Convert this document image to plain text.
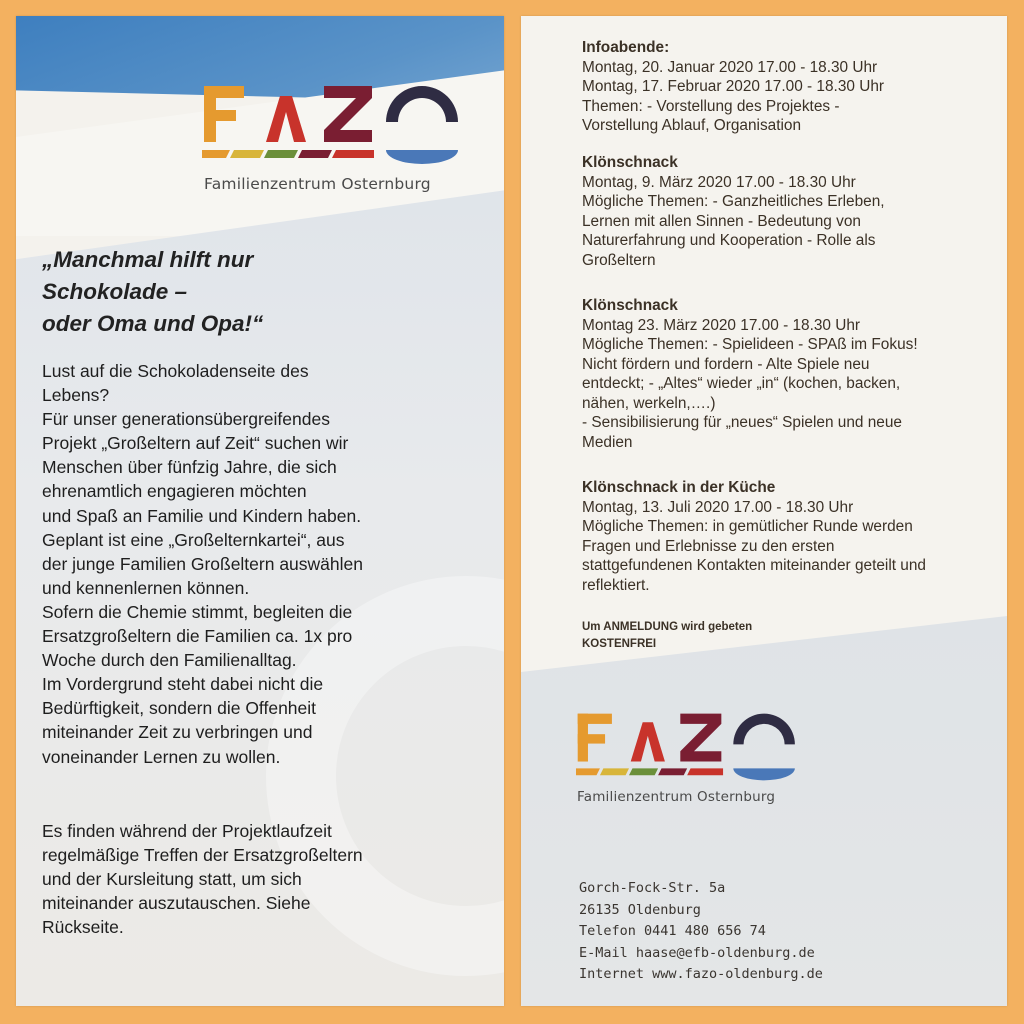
Familienzentrum Osternburg
„Manchmal hilft nur
Schokolade –
oder Oma und Opa!“
Lust auf die Schokoladenseite des
Lebens?
Für unser generationsübergreifendes
Projekt „Großeltern auf Zeit“ suchen wir
Menschen über fünfzig Jahre, die sich
ehrenamtlich engagieren möchten
und Spaß an Familie und Kindern haben.
Geplant ist eine „Großelternkartei“, aus
der junge Familien Großeltern auswählen
und kennenlernen können.
Sofern die Chemie stimmt, begleiten die
Ersatzgroßeltern die Familien ca. 1x pro
Woche durch den Familienalltag.
Im Vordergrund steht dabei nicht die
Bedürftigkeit, sondern die Offenheit
miteinander Zeit zu verbringen und
voneinander Lernen zu wollen.
Es finden während der Projektlaufzeit
regelmäßige Treffen der Ersatzgroßeltern
und der Kursleitung statt, um sich
miteinander auszutauschen. Siehe
Rückseite.
Infoabende:
Montag, 20. Januar 2020 17.00 - 18.30 Uhr
Montag, 17. Februar 2020 17.00 - 18.30 Uhr
Themen: - Vorstellung des Projektes -
Vorstellung Ablauf, Organisation
Klönschnack
Montag, 9. März 2020 17.00 - 18.30 Uhr
Mögliche Themen: - Ganzheitliches Erleben,
Lernen mit allen Sinnen - Bedeutung von
Naturerfahrung und Kooperation - Rolle als
Großeltern
Klönschnack
Montag 23. März 2020 17.00 - 18.30 Uhr
Mögliche Themen: - Spielideen - SPAß im Fokus!
Nicht fördern und fordern - Alte Spiele neu
entdeckt; - „Altes“ wieder „in“ (kochen, backen,
nähen, werkeln,….)
- Sensibilisierung für „neues“ Spielen und neue
Medien
Klönschnack in der Küche
Montag, 13. Juli 2020 17.00 - 18.30 Uhr
Mögliche Themen: in gemütlicher Runde werden
Fragen und Erlebnisse zu den ersten
stattgefundenen Kontakten miteinander geteilt und
reflektiert.
Um ANMELDUNG wird gebeten
KOSTENFREI
Familienzentrum Osternburg
Gorch-Fock-Str. 5a
26135 Oldenburg
Telefon 0441 480 656 74
E-Mail haase@efb-oldenburg.de
Internet www.fazo-oldenburg.de
